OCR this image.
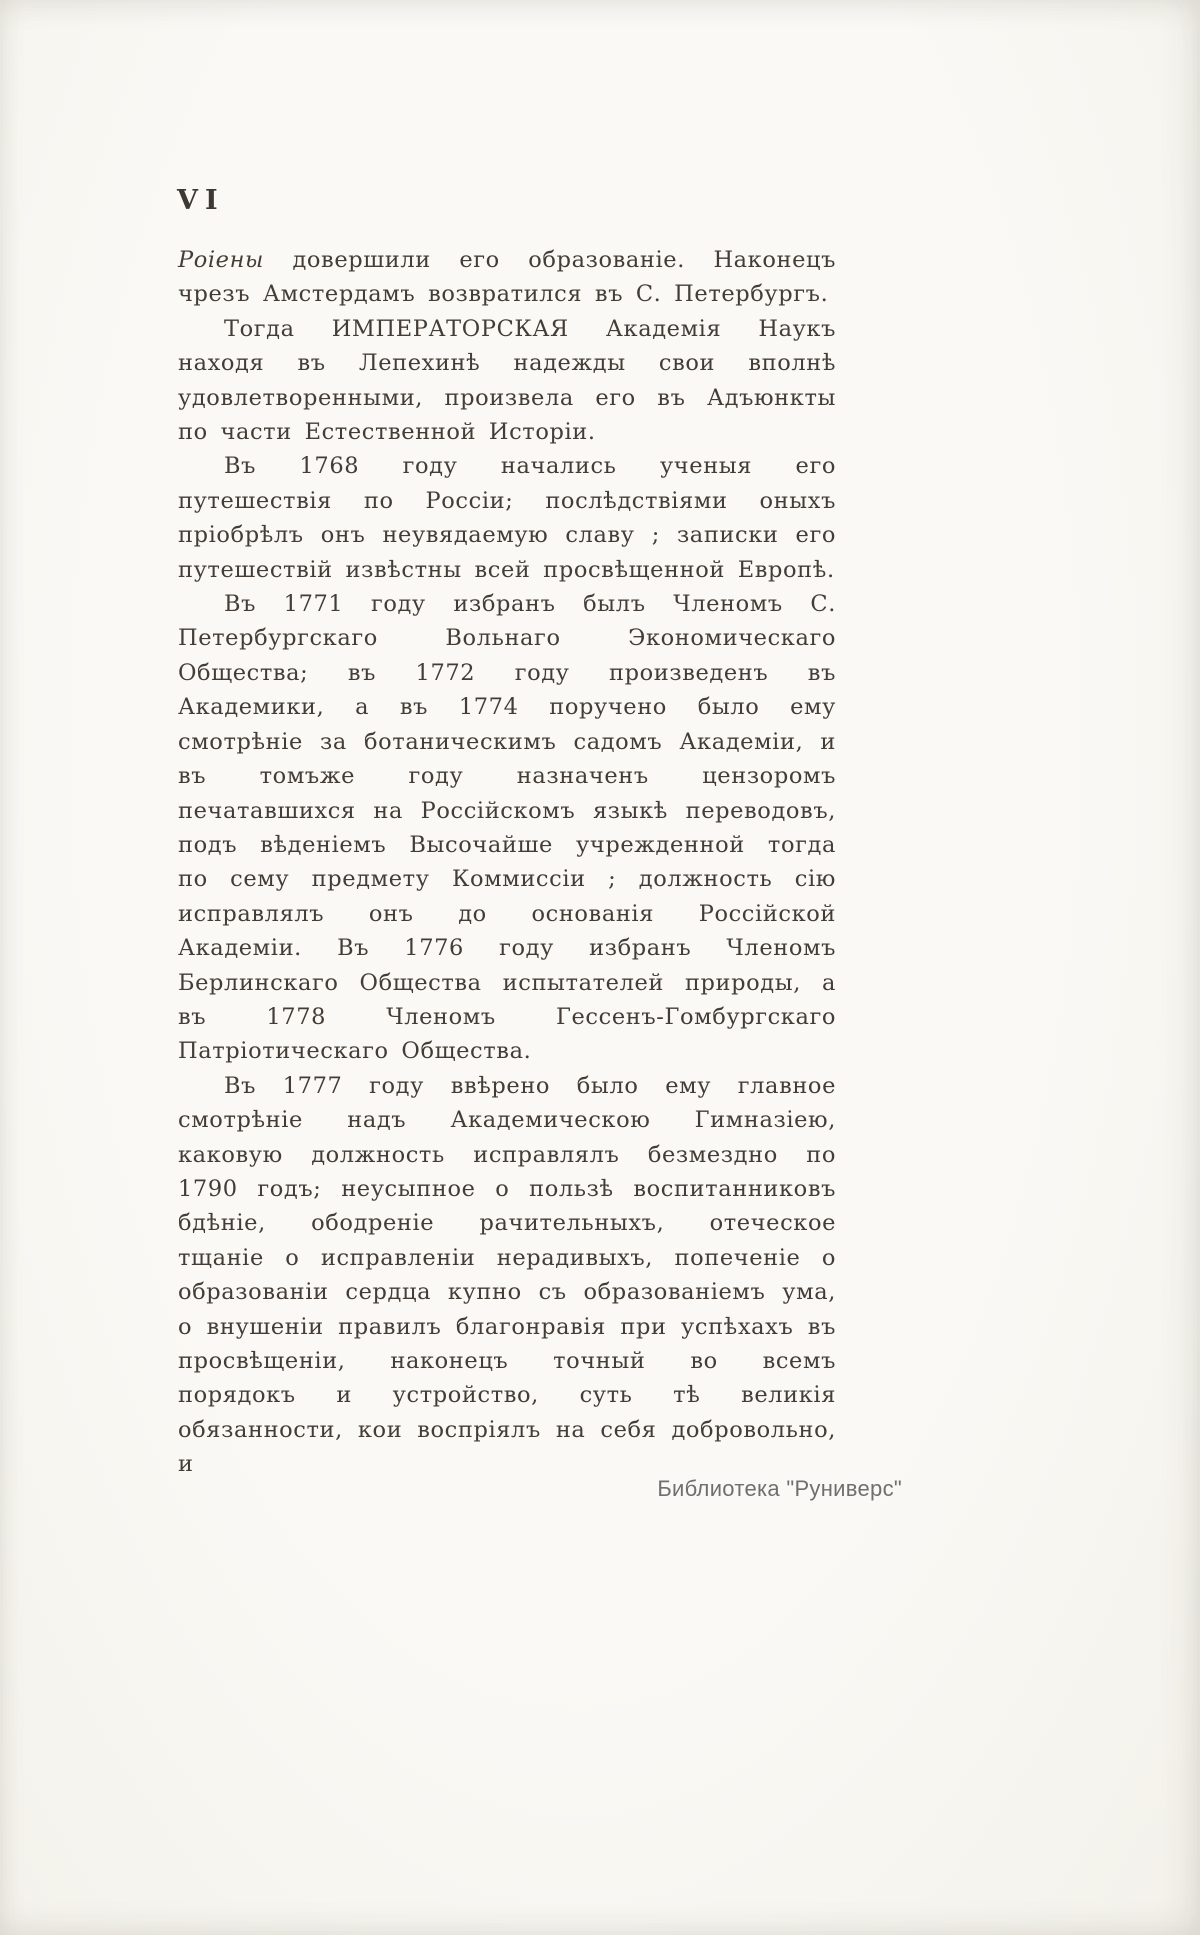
VI

Роіены довершили его образованіе. Наконецъ чрезъ Амстердамъ возвратился въ С. Петербургъ.

Тогда ИМПЕРАТОРСКАЯ Академія Наукъ находя въ Лепехинѣ надежды свои вполнѣ удовлетворенными, произвела его въ Адъюнкты по части Естественной Исторіи.

Въ 1768 году начались ученыя его путешествія по Россіи; послѣдствіями оныхъ пріобрѣлъ онъ неувядаемую славу ; записки его путешествій извѣстны всей просвѣщенной Европѣ.

Въ 1771 году избранъ былъ Членомъ С. Петербургскаго Вольнаго Экономическаго Общества; въ 1772 году произведенъ въ Академики, а въ 1774 поручено было ему смотрѣніе за ботаническимъ садомъ Академіи, и въ томъже году назначенъ цензоромъ печатавшихся на Россійскомъ языкѣ переводовъ, подъ вѣденіемъ Высочайше учрежденной тогда по сему предмету Коммиссіи ; должность сію исправлялъ онъ до основанія Россійской Академіи. Въ 1776 году избранъ Членомъ Берлинскаго Общества испытателей природы, а въ 1778 Членомъ Гессенъ-Гомбургскаго Патріотическаго Общества.

Въ 1777 году ввѣрено было ему главное смотрѣніе надъ Академическою Гимназіею, каковую должность исправлялъ безмездно по 1790 годъ; неусыпное о пользѣ воспитанниковъ бдѣніе, ободреніе рачительныхъ, отеческое тщаніе о исправленіи нерадивыхъ, попеченіе о образованіи сердца купно съ образованіемъ ума, о внушеніи правилъ благонравія при успѣхахъ въ просвѣщеніи, наконецъ точный во всемъ порядокъ и устройство, суть тѣ великія обязанности, кои воспріялъ на себя добровольно, и

Библиотека "Руниверс"
